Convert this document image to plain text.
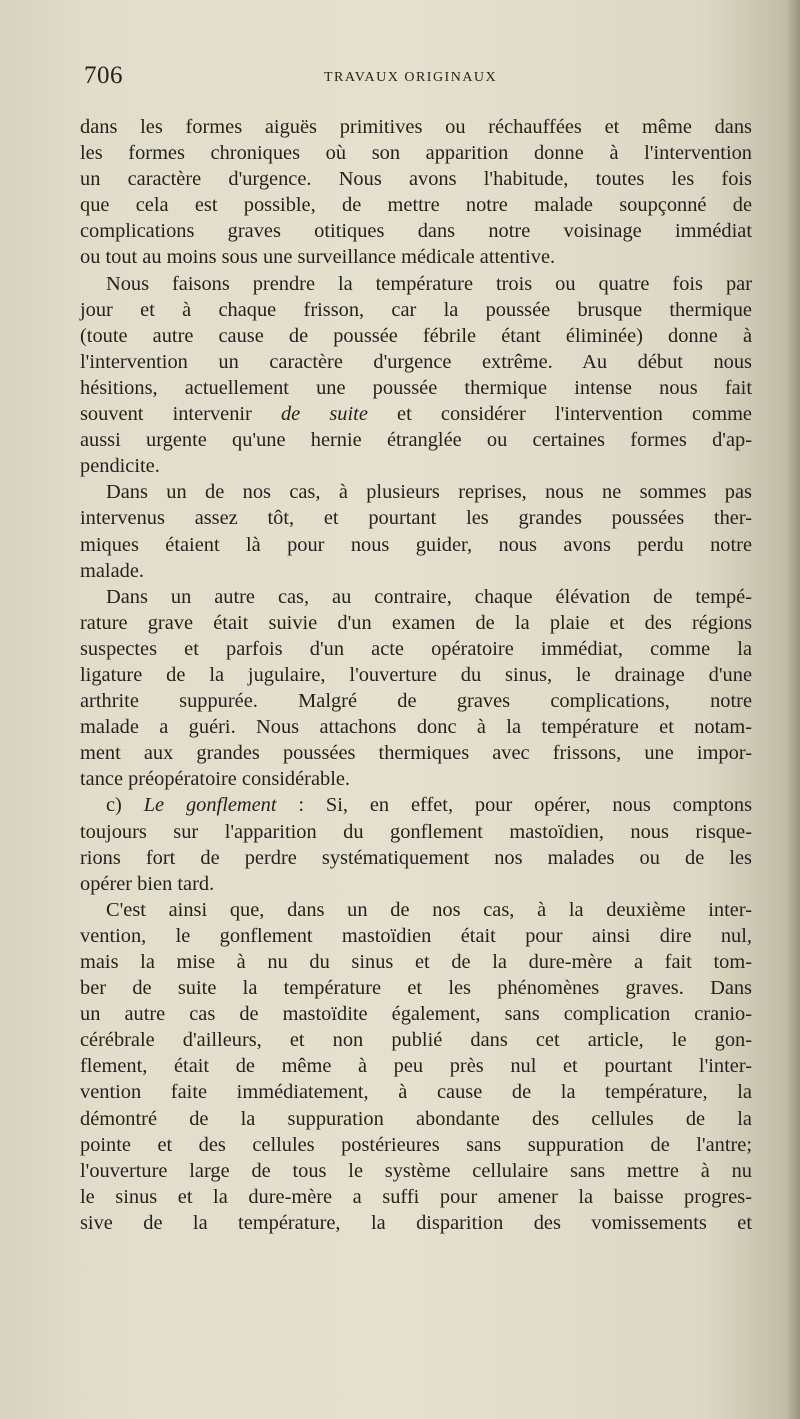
706	TRAVAUX ORIGINAUX
dans les formes aiguës primitives ou réchauffées et même dans
les formes chroniques où son apparition donne à l'intervention
un caractère d'urgence. Nous avons l'habitude, toutes les fois
que cela est possible, de mettre notre malade soupçonné de
complications graves otitiques dans notre voisinage immédiat
ou tout au moins sous une surveillance médicale attentive.
Nous faisons prendre la température trois ou quatre fois par
jour et à chaque frisson, car la poussée brusque thermique
(toute autre cause de poussée fébrile étant éliminée) donne à
l'intervention un caractère d'urgence extrême. Au début nous
hésitions, actuellement une poussée thermique intense nous fait
souvent intervenir de suite et considérer l'intervention comme
aussi urgente qu'une hernie étranglée ou certaines formes d'ap-
pendicite.
Dans un de nos cas, à plusieurs reprises, nous ne sommes pas
intervenus assez tôt, et pourtant les grandes poussées ther-
miques étaient là pour nous guider, nous avons perdu notre
malade.
Dans un autre cas, au contraire, chaque élévation de tempé-
rature grave était suivie d'un examen de la plaie et des régions
suspectes et parfois d'un acte opératoire immédiat, comme la
ligature de la jugulaire, l'ouverture du sinus, le drainage d'une
arthrite suppurée. Malgré de graves complications, notre
malade a guéri. Nous attachons donc à la température et notam-
ment aux grandes poussées thermiques avec frissons, une impor-
tance préopératoire considérable.
c) Le gonflement : Si, en effet, pour opérer, nous comptons
toujours sur l'apparition du gonflement mastoïdien, nous risque-
rions fort de perdre systématiquement nos malades ou de les
opérer bien tard.
C'est ainsi que, dans un de nos cas, à la deuxième inter-
vention, le gonflement mastoïdien était pour ainsi dire nul,
mais la mise à nu du sinus et de la dure-mère a fait tom-
ber de suite la température et les phénomènes graves. Dans
un autre cas de mastoïdite également, sans complication cranio-
cérébrale d'ailleurs, et non publié dans cet article, le gon-
flement, était de même à peu près nul et pourtant l'inter-
vention faite immédiatement, à cause de la température, la
démontré de la suppuration abondante des cellules de la
pointe et des cellules postérieures sans suppuration de l'antre;
l'ouverture large de tous le système cellulaire sans mettre à nu
le sinus et la dure-mère a suffi pour amener la baisse progres-
sive de la température, la disparition des vomissements et
